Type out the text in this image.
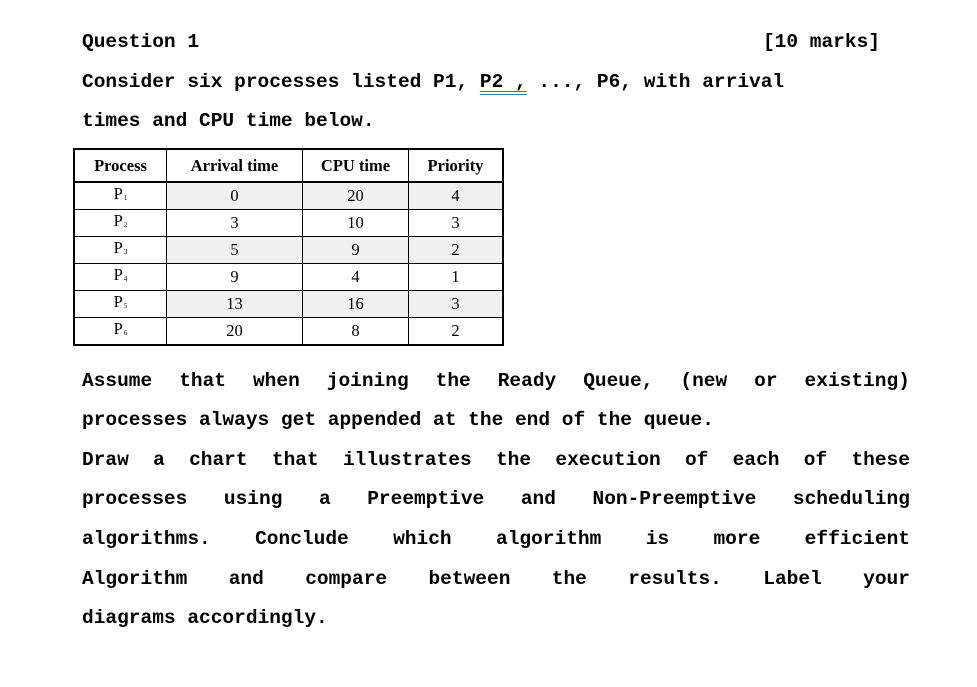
Question 1	[10 marks]
Consider six processes listed P1, P2 , ..., P6, with arrival
times and CPU time below.
Process	Arrival time	CPU time	Priority
$P_1$	0	20	4
$P_2$	3	10	3
$P_3$	5	9	2
$P_4$	9	4	1
$P_5$	13	16	3
$P_6$	20	8	2
Assume that when joining the Ready Queue, (new or existing)
processes always get appended at the end of the queue.
Draw a chart that illustrates the execution of each of these
processes using a Preemptive and Non-Preemptive scheduling
algorithms. Conclude which algorithm is more efficient
Algorithm and compare between the results. Label your
diagrams accordingly.
